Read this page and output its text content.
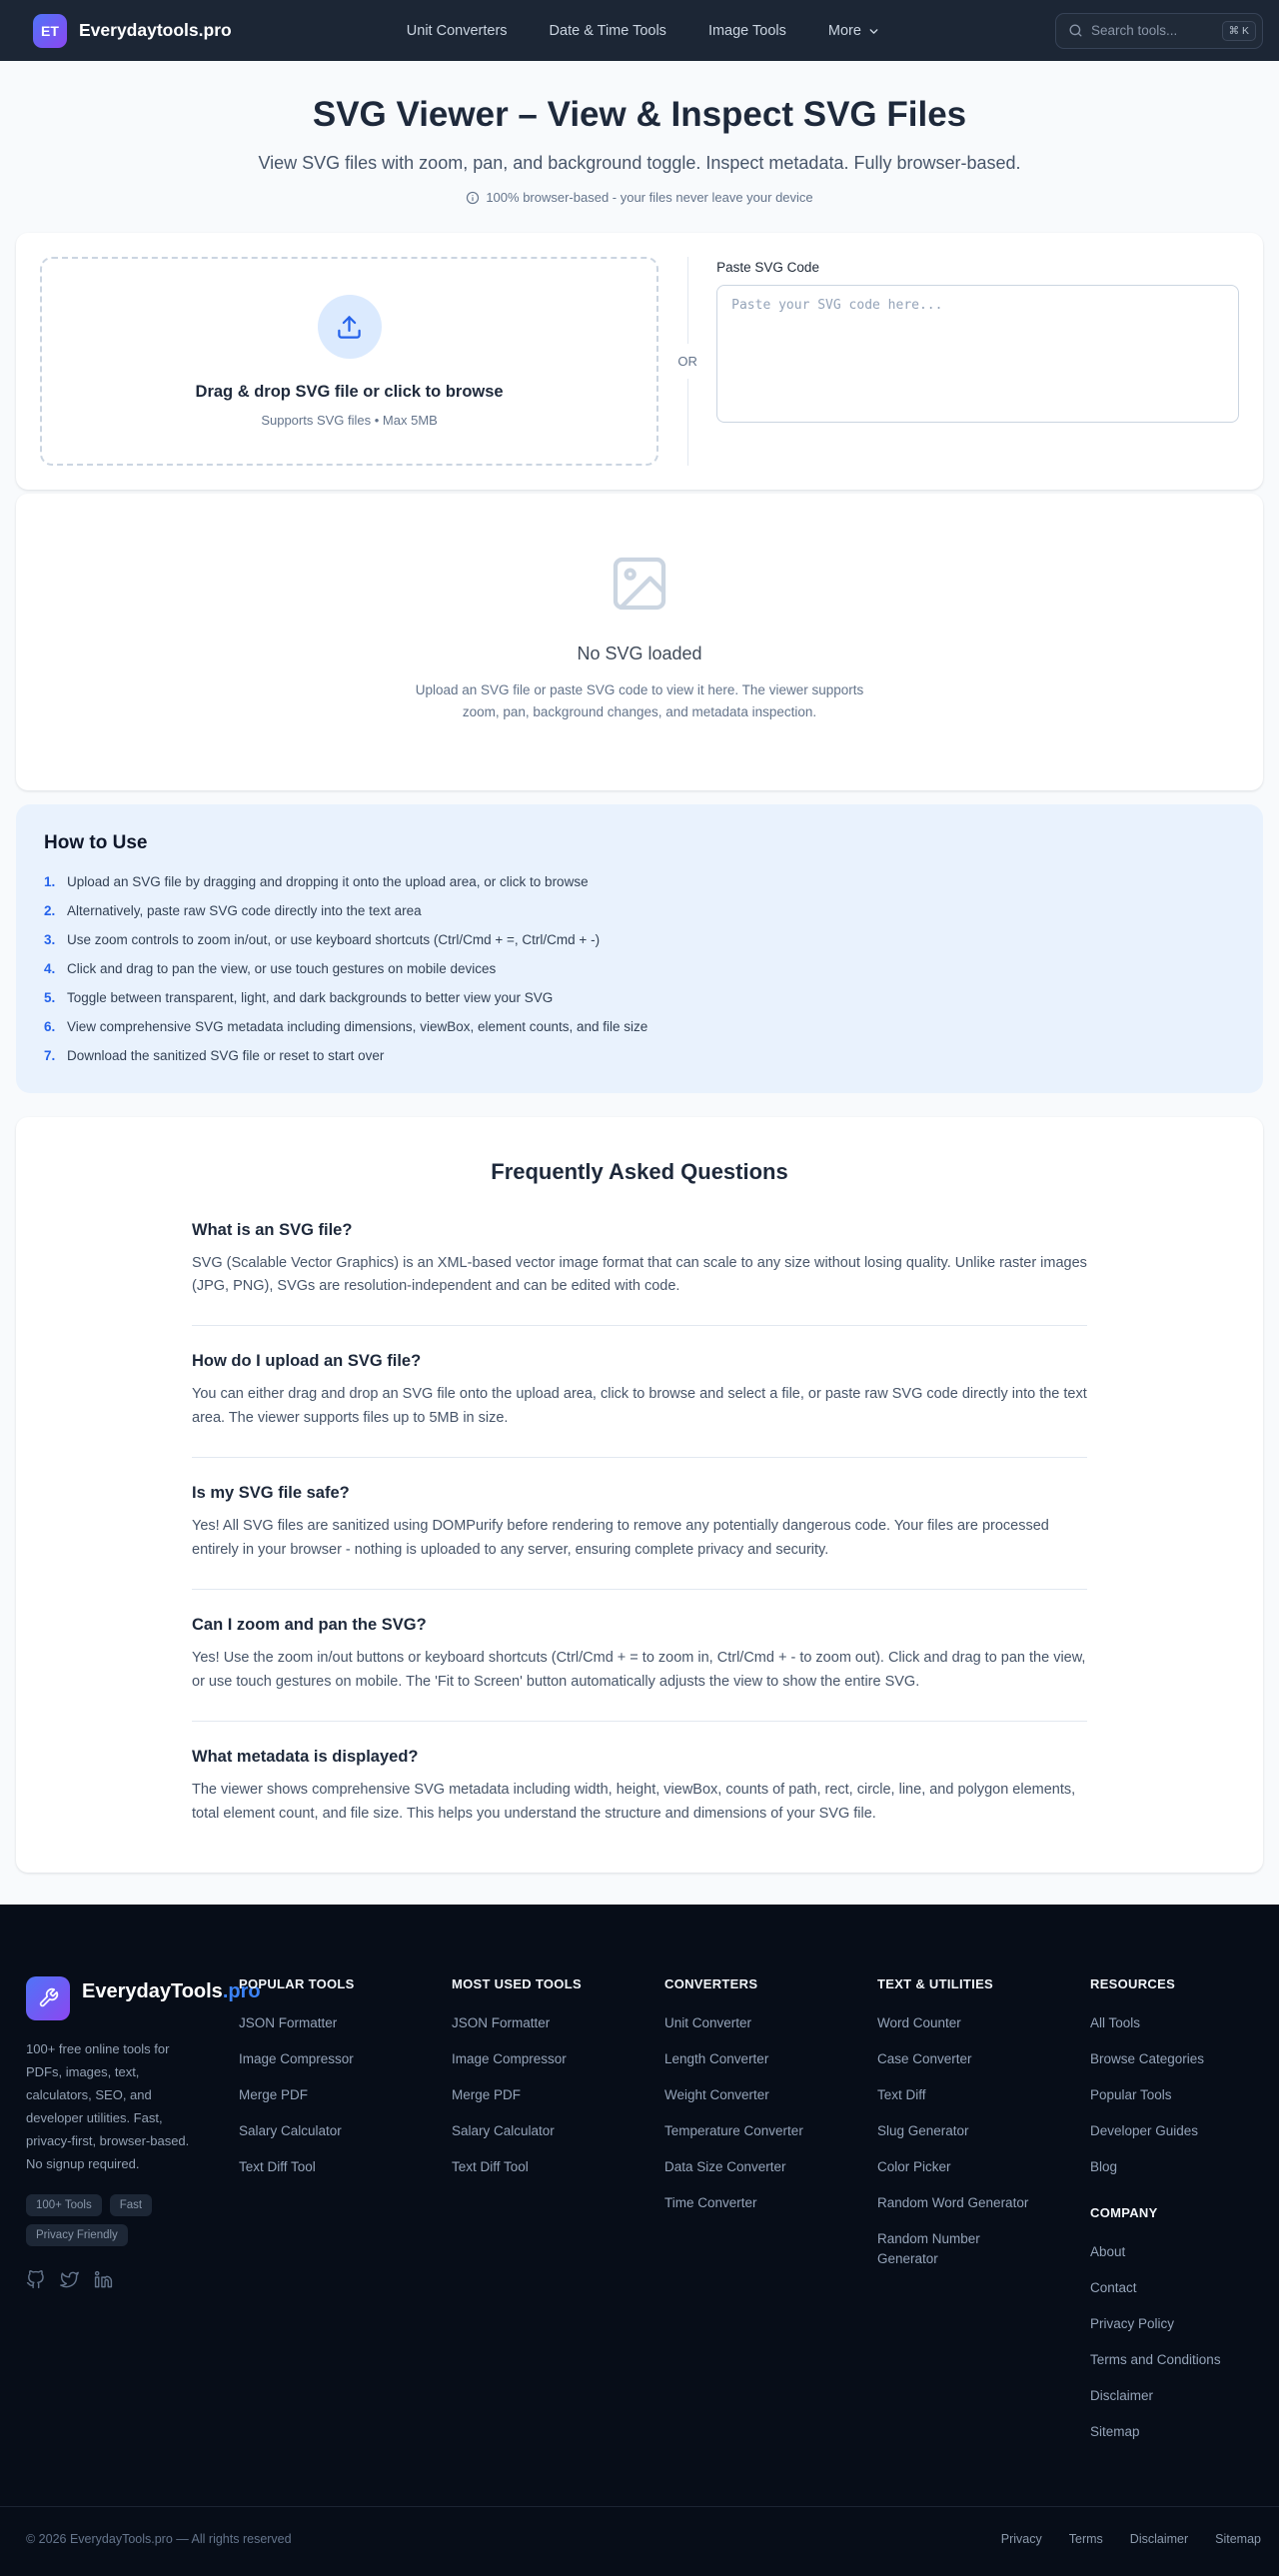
ET Everydaytools.pro	Unit Converters	Date & Time Tools	Image Tools	More	Search tools...	⌘ K
SVG Viewer – View & Inspect SVG Files

View SVG files with zoom, pan, and background toggle. Inspect metadata. Fully browser-based.

100% browser-based - your files never leave your device
Drag & drop SVG file or click to browse
Supports SVG files • Max 5MB
OR
Paste SVG Code
Paste your SVG code here...
No SVG loaded

Upload an SVG file or paste SVG code to view it here. The viewer supports zoom, pan, background changes, and metadata inspection.

How to Use
1. Upload an SVG file by dragging and dropping it onto the upload area, or click to browse
2. Alternatively, paste raw SVG code directly into the text area
3. Use zoom controls to zoom in/out, or use keyboard shortcuts (Ctrl/Cmd + =, Ctrl/Cmd + -)
4. Click and drag to pan the view, or use touch gestures on mobile devices
5. Toggle between transparent, light, and dark backgrounds to better view your SVG
6. View comprehensive SVG metadata including dimensions, viewBox, element counts, and file size
7. Download the sanitized SVG file or reset to start over
Frequently Asked Questions
What is an SVG file?

SVG (Scalable Vector Graphics) is an XML-based vector image format that can scale to any size without losing quality. Unlike raster images (JPG, PNG), SVGs are resolution-independent and can be edited with code.

How do I upload an SVG file?

You can either drag and drop an SVG file onto the upload area, click to browse and select a file, or paste raw SVG code directly into the text area. The viewer supports files up to 5MB in size.

Is my SVG file safe?

Yes! All SVG files are sanitized using DOMPurify before rendering to remove any potentially dangerous code. Your files are processed entirely in your browser - nothing is uploaded to any server, ensuring complete privacy and security.

Can I zoom and pan the SVG?

Yes! Use the zoom in/out buttons or keyboard shortcuts (Ctrl/Cmd + = to zoom in, Ctrl/Cmd + - to zoom out). Click and drag to pan the view, or use touch gestures on mobile. The 'Fit to Screen' button automatically adjusts the view to show the entire SVG.

What metadata is displayed?

The viewer shows comprehensive SVG metadata including width, height, viewBox, counts of path, rect, circle, line, and polygon elements, total element count, and file size. This helps you understand the structure and dimensions of your SVG file.

EverydayTools.pro

100+ free online tools for PDFs, images, text, calculators, SEO, and developer utilities. Fast, privacy-first, browser-based. No signup required.

100+ Tools	Fast
Privacy Friendly
POPULAR TOOLS
JSON Formatter
Image Compressor
Merge PDF
Salary Calculator
Text Diff Tool
MOST USED TOOLS
JSON Formatter
Image Compressor
Merge PDF
Salary Calculator
Text Diff Tool
CONVERTERS
Unit Converter
Length Converter
Weight Converter
Temperature Converter
Data Size Converter
Time Converter
TEXT & UTILITIES
Word Counter
Case Converter
Text Diff
Slug Generator
Color Picker
Random Word Generator
Random Number Generator
RESOURCES
All Tools
Browse Categories
Popular Tools
Developer Guides
Blog
COMPANY
About
Contact
Privacy Policy
Terms and Conditions
Disclaimer
Sitemap
© 2026 EverydayTools.pro — All rights reserved	Privacy Terms Disclaimer Sitemap
